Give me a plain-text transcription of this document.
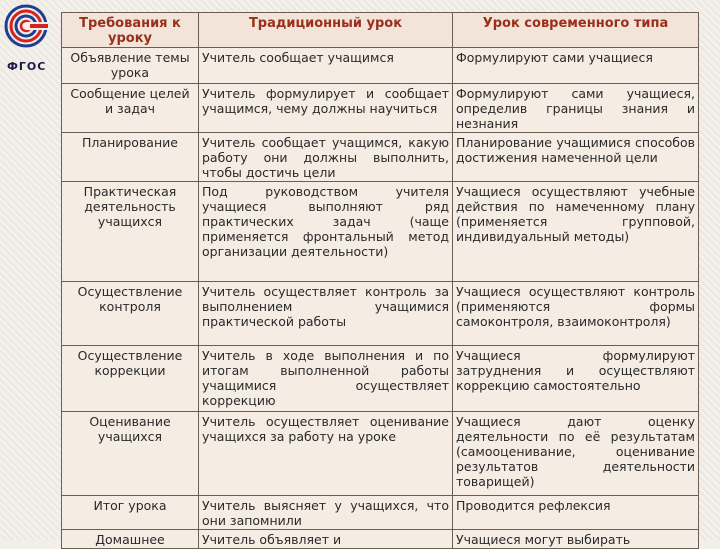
ФГОС
Требования к уроку	Традиционный урок	Урок современного типа
Объявление темы урока	Учитель сообщает учащимся	Формулируют сами учащиеся
Сообщение целей и задач	Учитель формулирует и сообщает учащимся, чему должны научиться	Формулируют сами учащиеся, определив границы знания и незнания
Планирование	Учитель сообщает учащимся, какую работу они должны выполнить, чтобы достичь цели	Планирование учащимися способов достижения намеченной цели
Практическая деятельность учащихся	Под руководством учителя учащиеся выполняют ряд практических задач (чаще применяется фронтальный метод организации деятельности)	Учащиеся осуществляют учебные действия по намеченному плану (применяется групповой, индивидуальный методы)
Осуществление контроля	Учитель осуществляет контроль за выполнением учащимися практической работы	Учащиеся осуществляют контроль (применяются формы самоконтроля, взаимоконтроля)
Осуществление коррекции	Учитель в ходе выполнения и по итогам выполненной работы учащимися осуществляет коррекцию	Учащиеся формулируют затруднения и осуществляют коррекцию самостоятельно
Оценивание учащихся	Учитель осуществляет оценивание учащихся за работу на уроке	Учащиеся дают оценку деятельности по её результатам (самооценивание, оценивание результатов деятельности товарищей)
Итог урока	Учитель выясняет у учащихся, что они запомнили	Проводится рефлексия
Домашнее	Учитель объявляет и	Учащиеся могут выбирать
